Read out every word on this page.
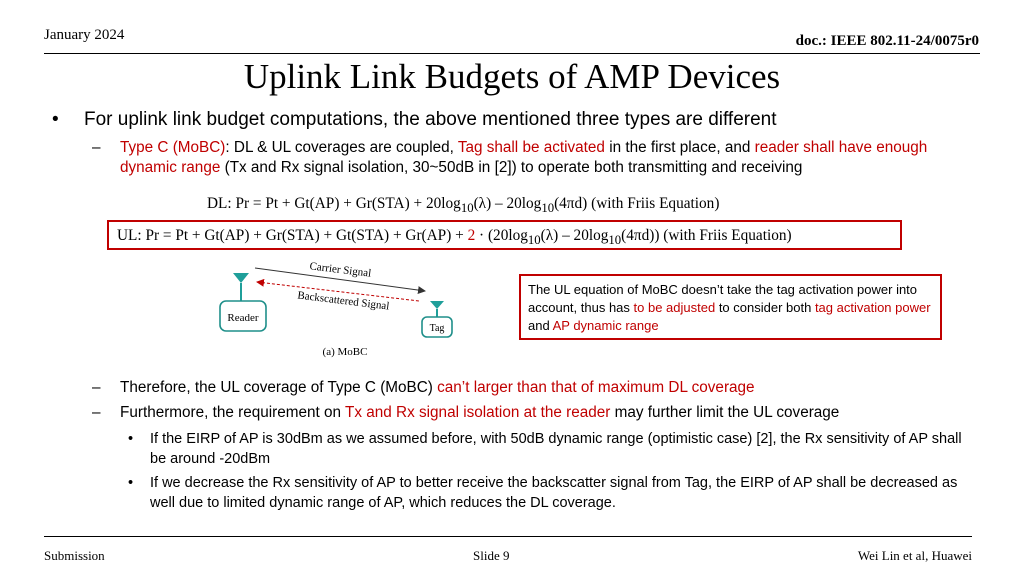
January 2024	doc.: IEEE 802.11-24/0075r0
Uplink Link Budgets of AMP Devices
• For uplink link budget computations, the above mentioned three types are different
– Type C (MoBC): DL & UL coverages are coupled, Tag shall be activated in the first place, and reader shall have enough dynamic range (Tx and Rx signal isolation, 30~50dB in [2]) to operate both transmitting and receiving
DL: $Pr = Pt + Gt(AP) + Gr(STA) + 20\log_{10}(\lambda) - 20\log_{10}(4\pi d)$ (with Friis Equation)
UL: $Pr = Pt + Gt(AP) + Gr(STA) + Gt(STA) + Gr(AP) + 2 \cdot (20\log_{10}(\lambda) - 20\log_{10}(4\pi d))$ (with Friis Equation)
Reader
Tag
Carrier Signal
Backscattered Signal
(a) MoBC
The UL equation of MoBC doesn’t take the tag activation power into account, thus has to be adjusted to consider both tag activation power and AP dynamic range
– Therefore, the UL coverage of Type C (MoBC) can’t larger than that of maximum DL coverage
– Furthermore, the requirement on Tx and Rx signal isolation at the reader may further limit the UL coverage
• If the EIRP of AP is 30dBm as we assumed before, with 50dB dynamic range (optimistic case) [2], the Rx sensitivity of AP shall be around -20dBm
• If we decrease the Rx sensitivity of AP to better receive the backscatter signal from Tag, the EIRP of AP shall be decreased as well due to limited dynamic range of AP, which reduces the DL coverage.
Submission	Slide 9	Wei Lin et al, Huawei
